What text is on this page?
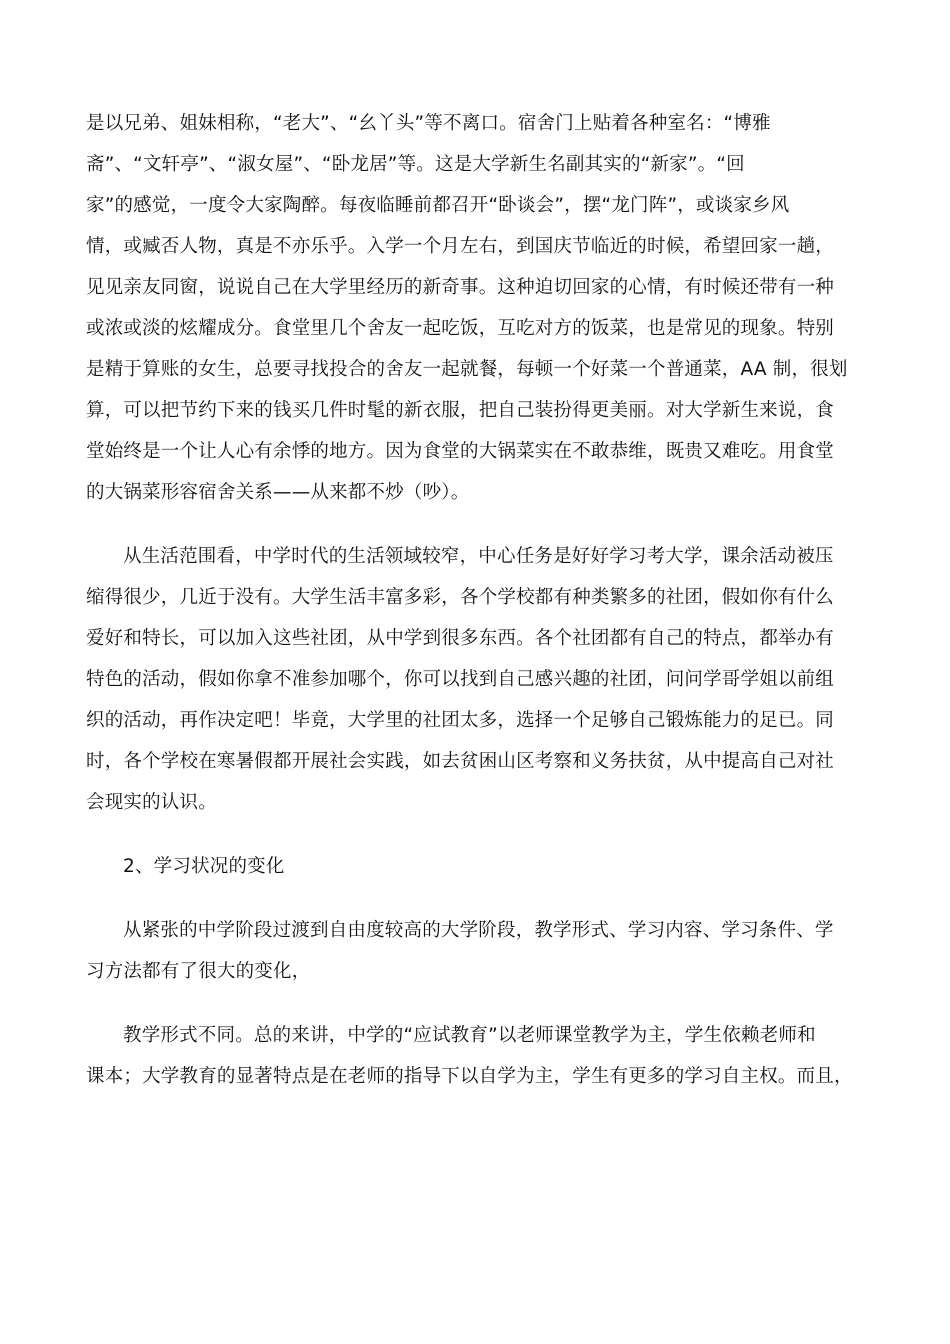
是以兄弟、姐妹相称，“老大”、“幺丫头”等不离口。宿舍门上贴着各种室名：“博雅
斋”、“文轩亭”、“淑女屋”、“卧龙居”等。这是大学新生名副其实的“新家”。“回
家”的感觉，一度令大家陶醉。每夜临睡前都召开“卧谈会”，摆“龙门阵”，或谈家乡风
情，或臧否人物，真是不亦乐乎。入学一个月左右，到国庆节临近的时候，希望回家一趟，
见见亲友同窗，说说自己在大学里经历的新奇事。这种迫切回家的心情，有时候还带有一种
或浓或淡的炫耀成分。食堂里几个舍友一起吃饭，互吃对方的饭菜，也是常见的现象。特别
是精于算账的女生，总要寻找投合的舍友一起就餐，每顿一个好菜一个普通菜，AA 制，很划
算，可以把节约下来的钱买几件时髦的新衣服，把自己装扮得更美丽。对大学新生来说，食
堂始终是一个让人心有余悸的地方。因为食堂的大锅菜实在不敢恭维，既贵又难吃。用食堂
的大锅菜形容宿舍关系——从来都不炒（吵）。

从生活范围看，中学时代的生活领域较窄，中心任务是好好学习考大学，课余活动被压
缩得很少，几近于没有。大学生活丰富多彩，各个学校都有种类繁多的社团，假如你有什么
爱好和特长，可以加入这些社团，从中学到很多东西。各个社团都有自己的特点，都举办有
特色的活动，假如你拿不准参加哪个，你可以找到自己感兴趣的社团，问问学哥学姐以前组
织的活动，再作决定吧！毕竟，大学里的社团太多，选择一个足够自己锻炼能力的足已。同
时，各个学校在寒暑假都开展社会实践，如去贫困山区考察和义务扶贫，从中提高自己对社
会现实的认识。

2、学习状况的变化

从紧张的中学阶段过渡到自由度较高的大学阶段，教学形式、学习内容、学习条件、学
习方法都有了很大的变化，

教学形式不同。总的来讲，中学的“应试教育”以老师课堂教学为主，学生依赖老师和
课本；大学教育的显著特点是在老师的指导下以自学为主，学生有更多的学习自主权。而且，
